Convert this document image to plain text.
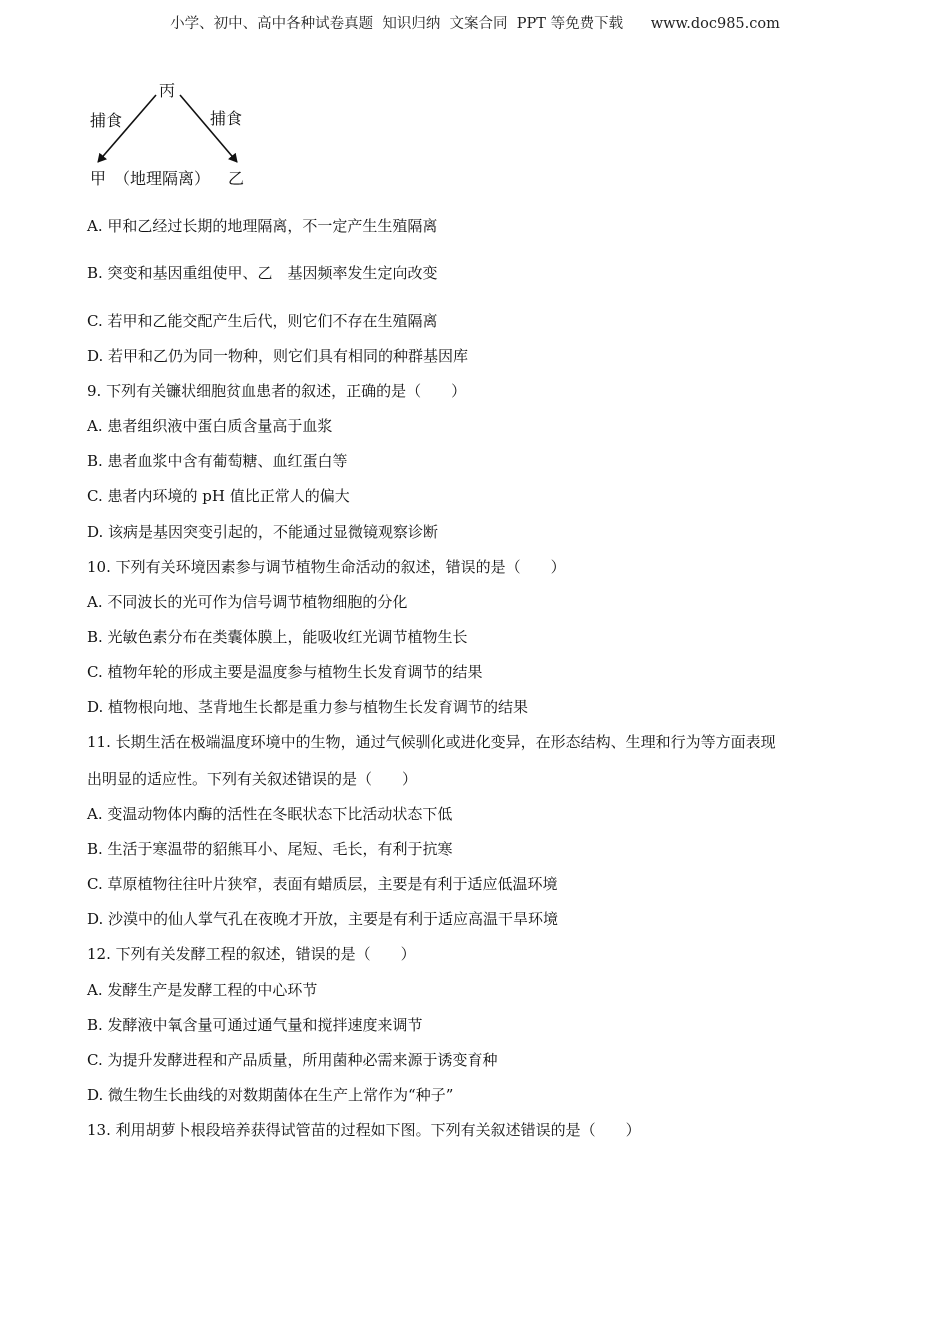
小学、初中、高中各种试卷真题  知识归纳  文案合同  PPT 等免费下载      www.doc985.com
丙
捕食	捕食
甲 （地理隔离） 乙
A. 甲和乙经过长期的地理隔离，不一定产生生殖隔离
B. 突变和基因重组使甲、乙　基因频率发生定向改变
C. 若甲和乙能交配产生后代，则它们不存在生殖隔离
D. 若甲和乙仍为同一物种，则它们具有相同的种群基因库
9. 下列有关镰状细胞贫血患者的叙述，正确的是（　　）
A. 患者组织液中蛋白质含量高于血浆
B. 患者血浆中含有葡萄糖、血红蛋白等
C. 患者内环境的 pH 值比正常人的偏大
D. 该病是基因突变引起的，不能通过显微镜观察诊断
10. 下列有关环境因素参与调节植物生命活动的叙述，错误的是（　　）
A. 不同波长的光可作为信号调节植物细胞的分化
B. 光敏色素分布在类囊体膜上，能吸收红光调节植物生长
C. 植物年轮的形成主要是温度参与植物生长发育调节的结果
D. 植物根向地、茎背地生长都是重力参与植物生长发育调节的结果
11. 长期生活在极端温度环境中的生物，通过气候驯化或进化变异，在形态结构、生理和行为等方面表现
出明显的适应性。下列有关叙述错误的是（　　）
A. 变温动物体内酶的活性在冬眠状态下比活动状态下低
B. 生活于寒温带的貂熊耳小、尾短、毛长，有利于抗寒
C. 草原植物往往叶片狭窄，表面有蜡质层，主要是有利于适应低温环境
D. 沙漠中的仙人掌气孔在夜晚才开放，主要是有利于适应高温干旱环境
12. 下列有关发酵工程的叙述，错误的是（　　）
A. 发酵生产是发酵工程的中心环节
B. 发酵液中氧含量可通过通气量和搅拌速度来调节
C. 为提升发酵进程和产品质量，所用菌种必需来源于诱变育种
D. 微生物生长曲线的对数期菌体在生产上常作为“种子”
13. 利用胡萝卜根段培养获得试管苗的过程如下图。下列有关叙述错误的是（　　）
